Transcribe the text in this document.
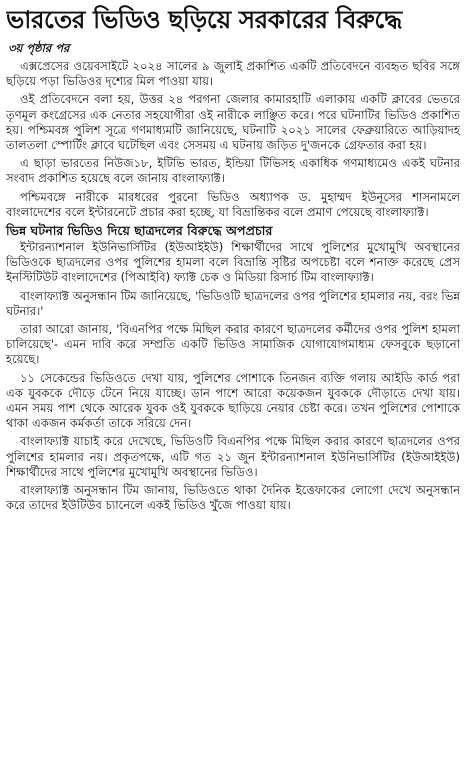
ভারতের ভিডিও ছড়িয়ে সরকারের বিরুদ্ধে
৩য় পৃষ্ঠার পর

এক্সপ্রেসের ওয়েবসাইটে ২০২৪ সালের ৯ জুলাই প্রকাশিত একটি প্রতিবেদনে ব্যবহৃত ছবির সঙ্গে ছড়িয়ে পড়া ভিডিওর দৃশ্যের মিল পাওয়া যায়।

ওই প্রতিবেদনে বলা হয়, উত্তর ২৪ পরগনা জেলার কামারহাটি এলাকায় একটি ক্লাবের ভেতরে তৃণমূল কংগ্রেসের এক নেতার সহযোগীরা ওই নারীকে লাঞ্ছিত করে। পরে ঘটনাটির ভিডিও প্রকাশিত হয়। পশ্চিমবঙ্গ পুলিশ সূত্রে গণমাধ্যমটি জানিয়েছে, ঘটনাটি ২০২১ সালের ফেব্রুয়ারিতে আড়িয়াদহ তালতলা স্পোর্টিং ক্লাবে ঘটেছিল এবং সেসময় এ ঘটনায় জড়িত দু'জনকে গ্রেফতার করা হয়।

এ ছাড়া ভারতের নিউজ১৮, ইটিভি ভারত, ইন্ডিয়া টিভিসহ একাধিক গণমাধ্যমেও একই ঘটনার সংবাদ প্রকাশিত হয়েছে বলে জানায় বাংলাফ্যাক্ট।

পশ্চিমবঙ্গে নারীকে মারধরের পুরনো ভিডিও অধ্যাপক ড. মুহাম্মদ ইউনূসের শাসনামলে বাংলাদেশের বলে ইন্টারনেটে প্রচার করা হচ্ছে, যা বিভ্রান্তিকর বলে প্রমাণ পেয়েছে বাংলাফ্যাক্ট।

ভিন্ন ঘটনার ভিডিও দিয়ে ছাত্রদলের বিরুদ্ধে অপপ্রচার

ইন্টারন্যাশনাল ইউনিভার্সিটির (ইউআইইউ) শিক্ষার্থীদের সাথে পুলিশের মুখোমুখি অবস্থানের ভিডিওকে ছাত্রদলের ওপর পুলিশের হামলা বলে বিভ্রান্তি সৃষ্টির অপচেষ্টা বলে শনাক্ত করেছে প্রেস ইনস্টিটিউট বাংলাদেশের (পিআইবি) ফ্যাক্ট চেক ও মিডিয়া রিসার্চ টিম বাংলাফ্যাক্ট।

বাংলাফ্যাক্ট অনুসন্ধান টিম জানিয়েছে, 'ভিডিওটি ছাত্রদলের ওপর পুলিশের হামলার নয়, বরং ভিন্ন ঘটনার।'

তারা আরো জানায়, 'বিএনপির পক্ষে মিছিল করার কারণে ছাত্রদলের কর্মীদের ওপর পুলিশ হামলা চালিয়েছে'- এমন দাবি করে সম্প্রতি একটি ভিডিও সামাজিক যোগাযোগমাধ্যম ফেসবুকে ছড়ানো হয়েছে।

১১ সেকেন্ডের ভিডিওতে দেখা যায়, পুলিশের পোশাকে তিনজন ব্যক্তি গলায় আইডি কার্ড পরা এক যুবককে দৌড়ে টেনে নিয়ে যাচ্ছে। ডান পাশে আরো কয়েকজন যুবককে দৌড়াতে দেখা যায়। এমন সময় পাশ থেকে আরেক যুবক ওই যুবককে ছাড়িয়ে নেয়ার চেষ্টা করে। তখন পুলিশের পোশাকে থাকা একজন কর্মকর্তা তাকে সরিয়ে দেন।

বাংলাফ্যাক্ট যাচাই করে দেখেছে, ভিডিওটি বিএনপির পক্ষে মিছিল করার কারণে ছাত্রদলের ওপর পুলিশের হামলার নয়। প্রকৃতপক্ষে, এটি গত ২১ জুন ইন্টারন্যাশনাল ইউনিভার্সিটির (ইউআইইউ) শিক্ষার্থীদের সাথে পুলিশের মুখোমুখি অবস্থানের ভিডিও।

বাংলাফ্যাক্ট অনুসন্ধান টিম জানায়, ভিডিওতে থাকা দৈনিক ইত্তেফাকের লোগো দেখে অনুসন্ধান করে তাদের ইউটিউব চ্যানেলে একই ভিডিও খুঁজে পাওয়া যায়।
